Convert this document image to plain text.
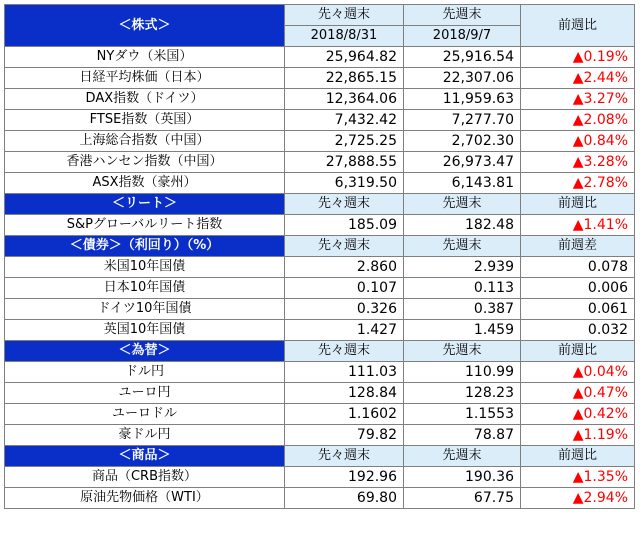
＜株式＞	先々週末	先週末	前週比
	2018/8/31	2018/9/7	
NYダウ（米国）	25,964.82	25,916.54	▲0.19%
日経平均株価（日本）	22,865.15	22,307.06	▲2.44%
DAX指数（ドイツ）	12,364.06	11,959.63	▲3.27%
FTSE指数（英国）	7,432.42	7,277.70	▲2.08%
上海総合指数（中国）	2,725.25	2,702.30	▲0.84%
香港ハンセン指数（中国）	27,888.55	26,973.47	▲3.28%
ASX指数（豪州）	6,319.50	6,143.81	▲2.78%
＜リート＞	先々週末	先週末	前週比
S&Pグローバルリート指数	185.09	182.48	▲1.41%
＜債券＞（利回り）（%）	先々週末	先週末	前週差
米国10年国債	2.860	2.939	0.078
日本10年国債	0.107	0.113	0.006
ドイツ10年国債	0.326	0.387	0.061
英国10年国債	1.427	1.459	0.032
＜為替＞	先々週末	先週末	前週比
ドル円	111.03	110.99	▲0.04%
ユーロ円	128.84	128.23	▲0.47%
ユーロドル	1.1602	1.1553	▲0.42%
豪ドル円	79.82	78.87	▲1.19%
＜商品＞	先々週末	先週末	前週比
商品（CRB指数）	192.96	190.36	▲1.35%
原油先物価格（WTI）	69.80	67.75	▲2.94%
